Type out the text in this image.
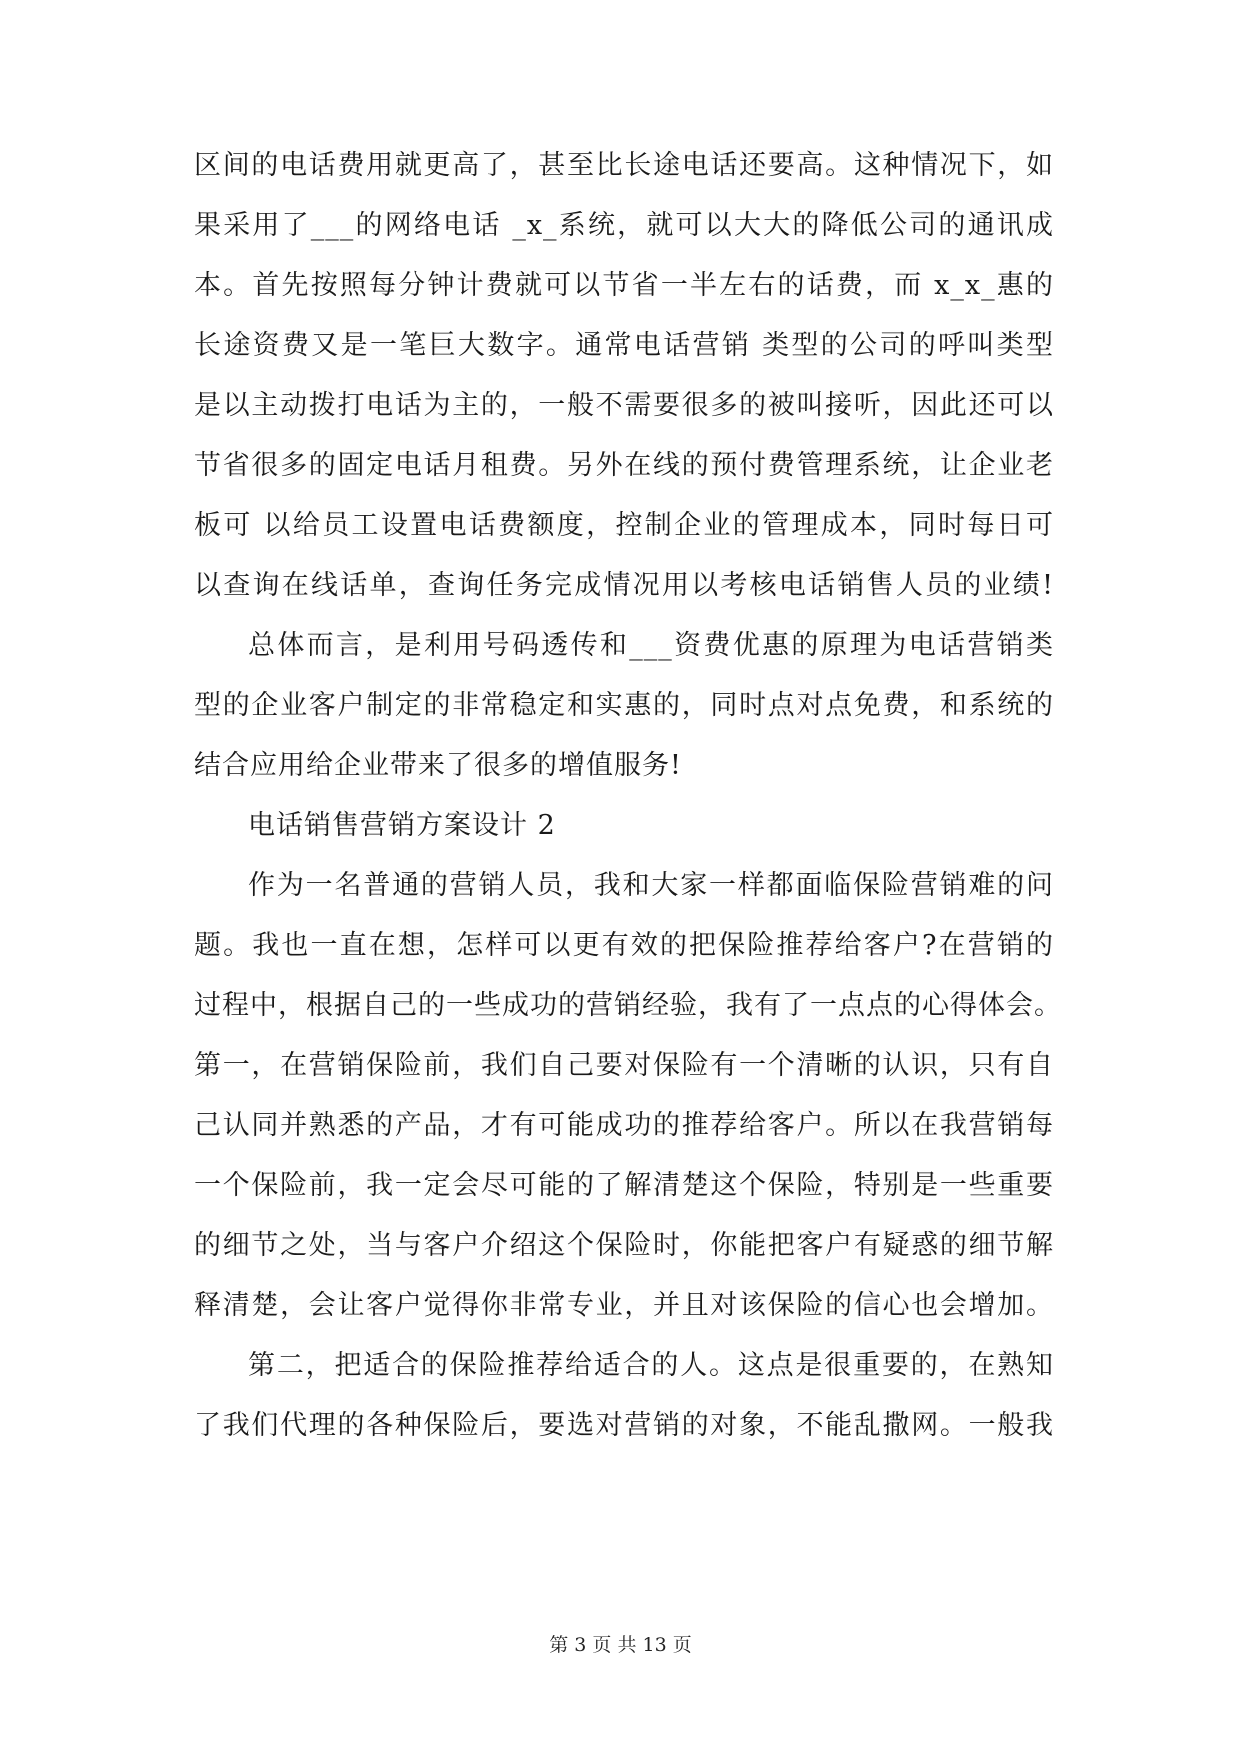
区间的电话费用就更高了，甚至比长途电话还要高。这种情况下，如
果采用了___的网络电话 _x_系统，就可以大大的降低公司的通讯成
本。首先按照每分钟计费就可以节省一半左右的话费，而 x_x_惠的
长途资费又是一笔巨大数字。通常电话营销 类型的公司的呼叫类型
是以主动拨打电话为主的，一般不需要很多的被叫接听，因此还可以
节省很多的固定电话月租费。另外在线的预付费管理系统，让企业老
板可 以给员工设置电话费额度，控制企业的管理成本，同时每日可
以查询在线话单，查询任务完成情况用以考核电话销售人员的业绩!
总体而言，是利用号码透传和___资费优惠的原理为电话营销类
型的企业客户制定的非常稳定和实惠的，同时点对点免费，和系统的
结合应用给企业带来了很多的增值服务!
电话销售营销方案设计 2
作为一名普通的营销人员，我和大家一样都面临保险营销难的问
题。我也一直在想，怎样可以更有效的把保险推荐给客户?在营销的
过程中，根据自己的一些成功的营销经验，我有了一点点的心得体会。
第一，在营销保险前，我们自己要对保险有一个清晰的认识，只有自
己认同并熟悉的产品，才有可能成功的推荐给客户。所以在我营销每
一个保险前，我一定会尽可能的了解清楚这个保险，特别是一些重要
的细节之处，当与客户介绍这个保险时，你能把客户有疑惑的细节解
释清楚，会让客户觉得你非常专业，并且对该保险的信心也会增加。
第二，把适合的保险推荐给适合的人。这点是很重要的，在熟知
了我们代理的各种保险后，要选对营销的对象，不能乱撒网。一般我
第 3 页 共 13 页
